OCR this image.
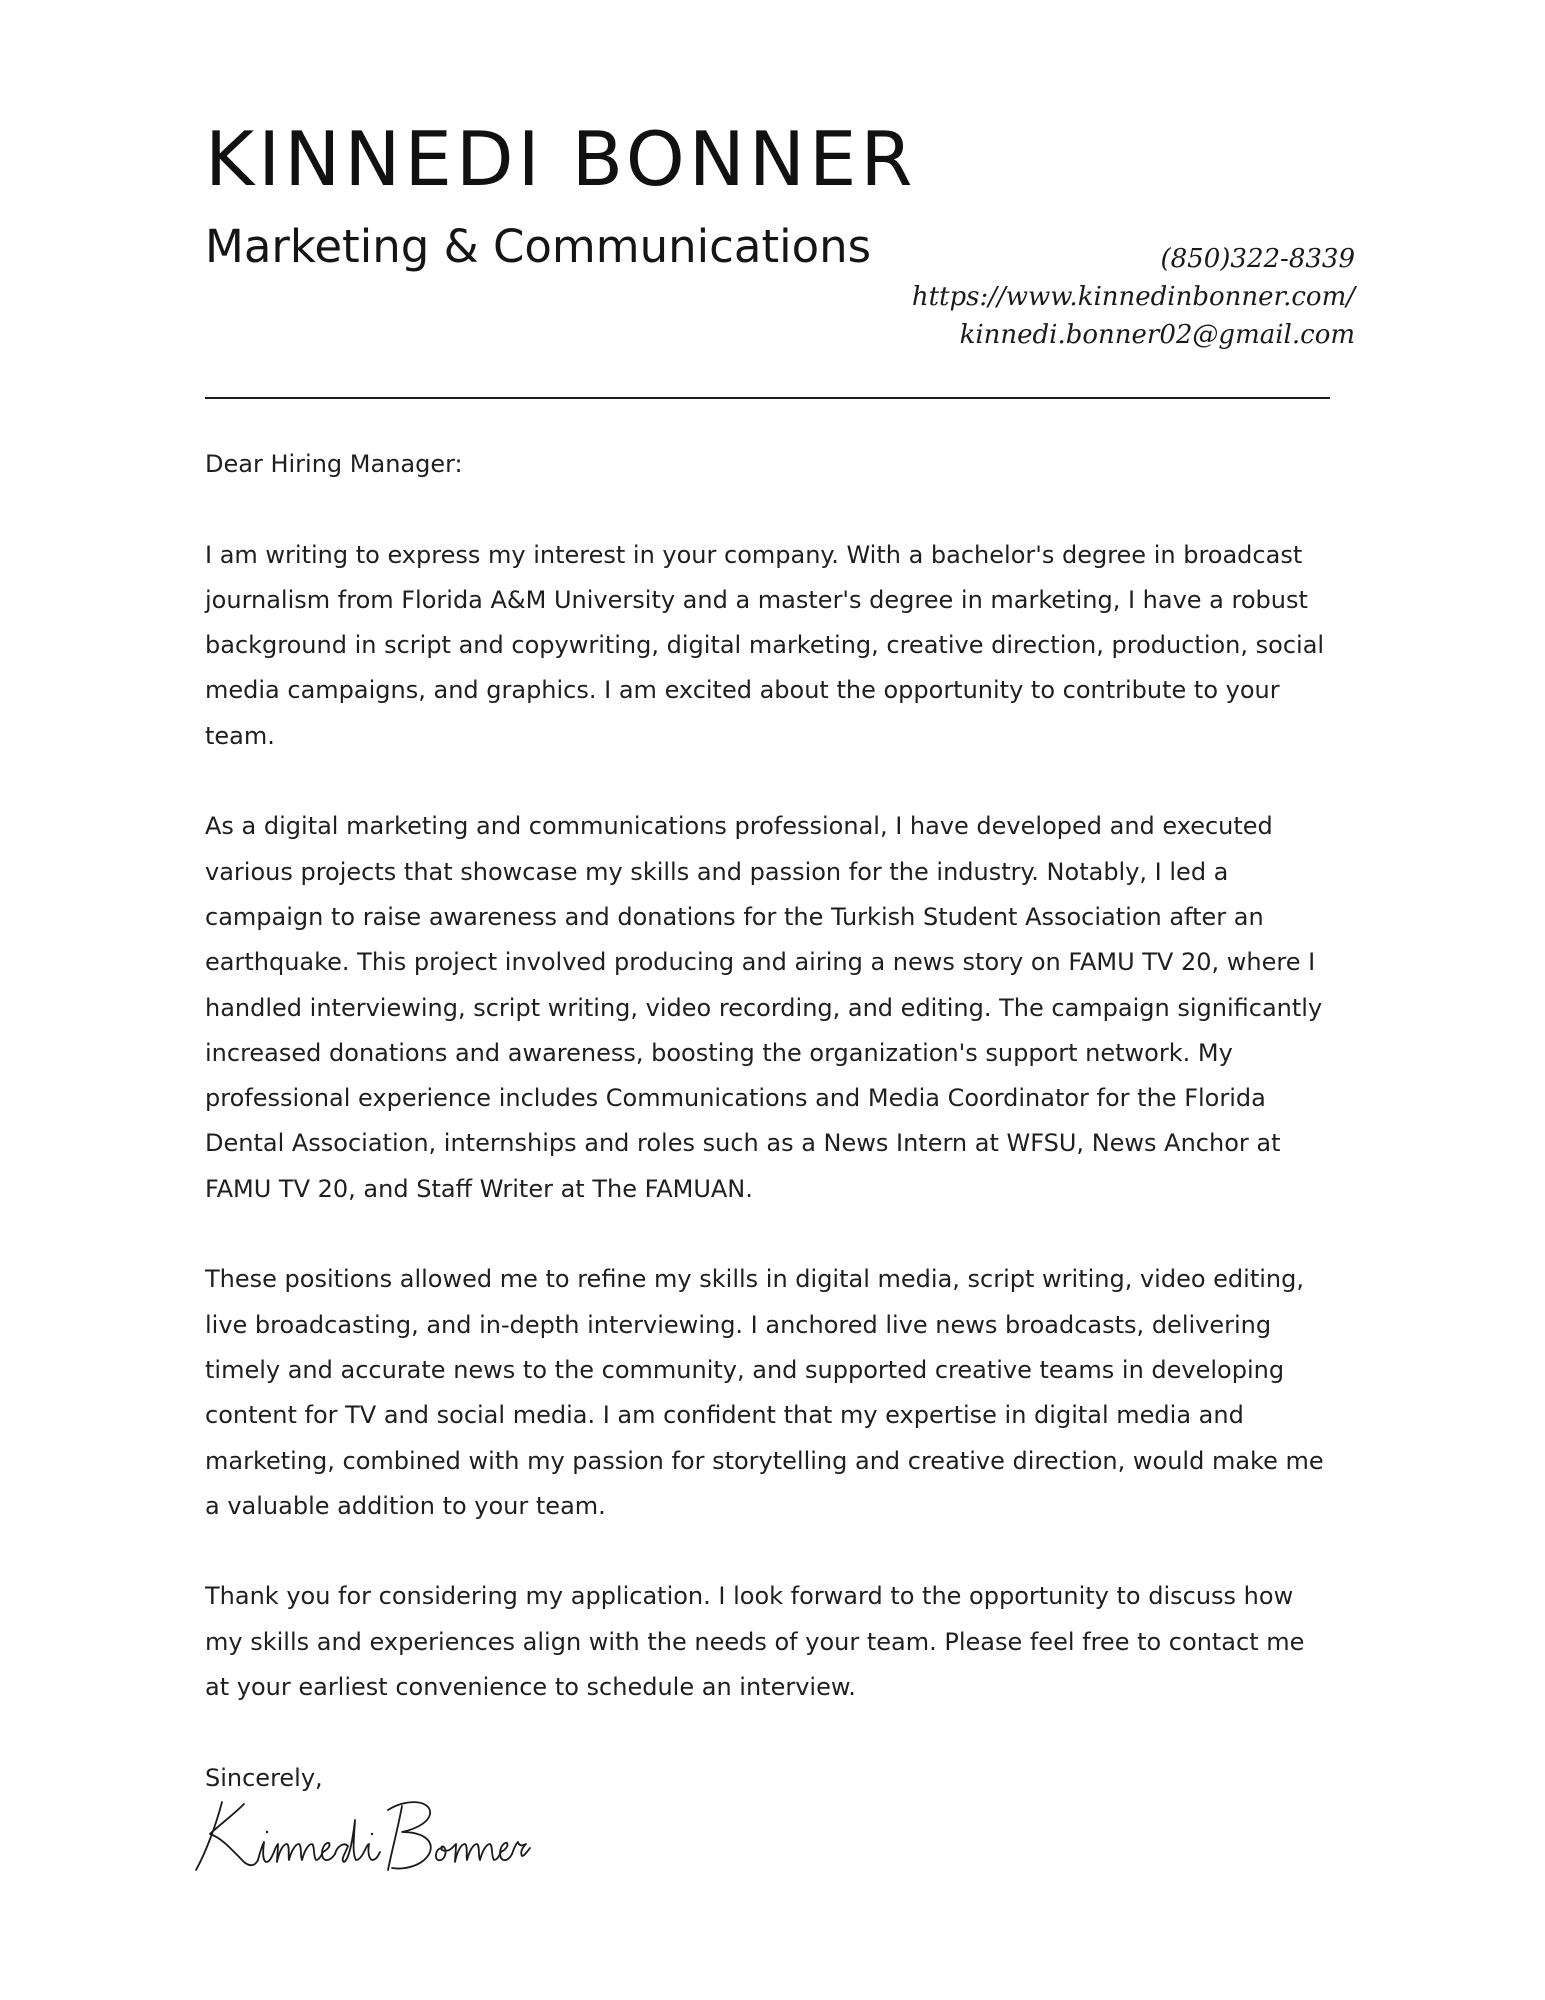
KINNEDI BONNER
Marketing & Communications	(850)322-8339
https://www.kinnedinbonner.com/
kinnedi.bonner02@gmail.com

Dear Hiring Manager:

I am writing to express my interest in your company. With a bachelor's degree in broadcast journalism from Florida A&M University and a master's degree in marketing, I have a robust background in script and copywriting, digital marketing, creative direction, production, social media campaigns, and graphics. I am excited about the opportunity to contribute to your team.

As a digital marketing and communications professional, I have developed and executed various projects that showcase my skills and passion for the industry. Notably, I led a campaign to raise awareness and donations for the Turkish Student Association after an earthquake. This project involved producing and airing a news story on FAMU TV 20, where I handled interviewing, script writing, video recording, and editing. The campaign significantly increased donations and awareness, boosting the organization's support network. My professional experience includes Communications and Media Coordinator for the Florida Dental Association, internships and roles such as a News Intern at WFSU, News Anchor at FAMU TV 20, and Staff Writer at The FAMUAN.

These positions allowed me to refine my skills in digital media, script writing, video editing, live broadcasting, and in-depth interviewing. I anchored live news broadcasts, delivering timely and accurate news to the community, and supported creative teams in developing content for TV and social media. I am confident that my expertise in digital media and marketing, combined with my passion for storytelling and creative direction, would make me a valuable addition to your team.

Thank you for considering my application. I look forward to the opportunity to discuss how my skills and experiences align with the needs of your team. Please feel free to contact me at your earliest convenience to schedule an interview.

Sincerely,
